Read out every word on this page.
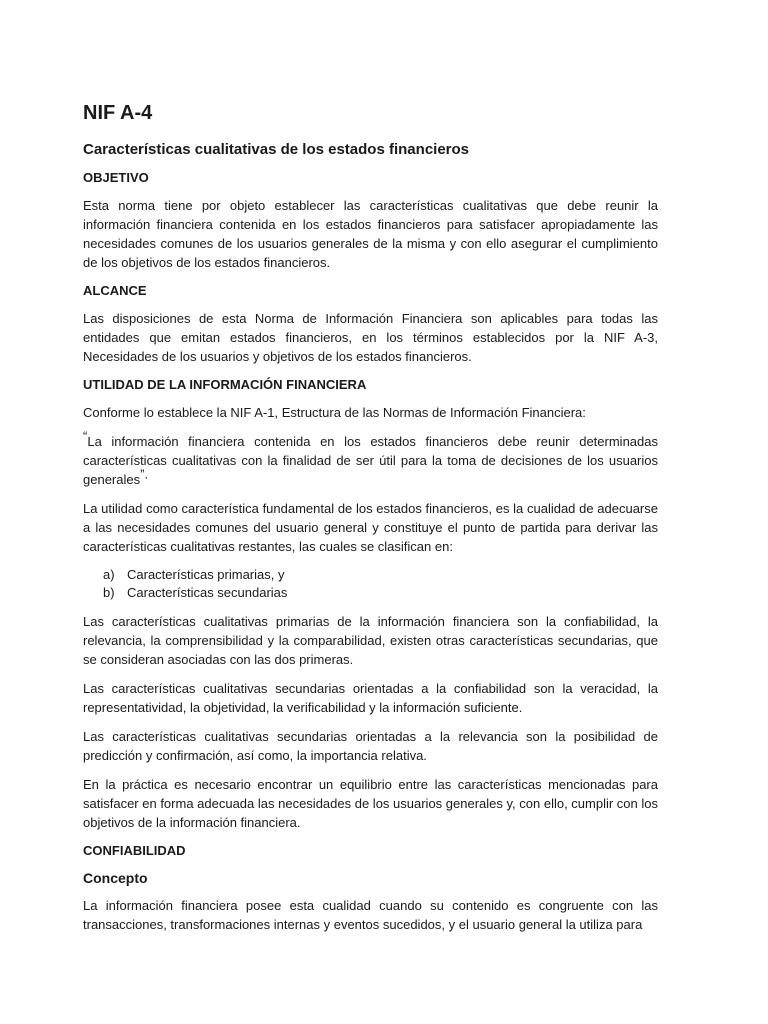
NIF A-4
Características cualitativas de los estados financieros
OBJETIVO

Esta norma tiene por objeto establecer las características cualitativas que debe reunir la información financiera contenida en los estados financieros para satisfacer apropiadamente las necesidades comunes de los usuarios generales de la misma y con ello asegurar el cumplimiento de los objetivos de los estados financieros.

ALCANCE

Las disposiciones de esta Norma de Información Financiera son aplicables para todas las entidades que emitan estados financieros, en los términos establecidos por la NIF A-3, Necesidades de los usuarios y objetivos de los estados financieros.

UTILIDAD DE LA INFORMACIÓN FINANCIERA

Conforme lo establece la NIF A-1, Estructura de las Normas de Información Financiera:

“La información financiera contenida en los estados financieros debe reunir determinadas características cualitativas con la finalidad de ser útil para la toma de decisiones de los usuarios generales”.

La utilidad como característica fundamental de los estados financieros, es la cualidad de adecuarse a las necesidades comunes del usuario general y constituye el punto de partida para derivar las características cualitativas restantes, las cuales se clasifican en:

a) Características primarias, y
b) Características secundarias

Las características cualitativas primarias de la información financiera son la confiabilidad, la relevancia, la comprensibilidad y la comparabilidad, existen otras características secundarias, que se consideran asociadas con las dos primeras.

Las características cualitativas secundarias orientadas a la confiabilidad son la veracidad, la representatividad, la objetividad, la verificabilidad y la información suficiente.

Las características cualitativas secundarias orientadas a la relevancia son la posibilidad de predicción y confirmación, así como, la importancia relativa.

En la práctica es necesario encontrar un equilibrio entre las características mencionadas para satisfacer en forma adecuada las necesidades de los usuarios generales y, con ello, cumplir con los objetivos de la información financiera.

CONFIABILIDAD
Concepto

La información financiera posee esta cualidad cuando su contenido es congruente con las transacciones, transformaciones internas y eventos sucedidos, y el usuario general la utiliza para
